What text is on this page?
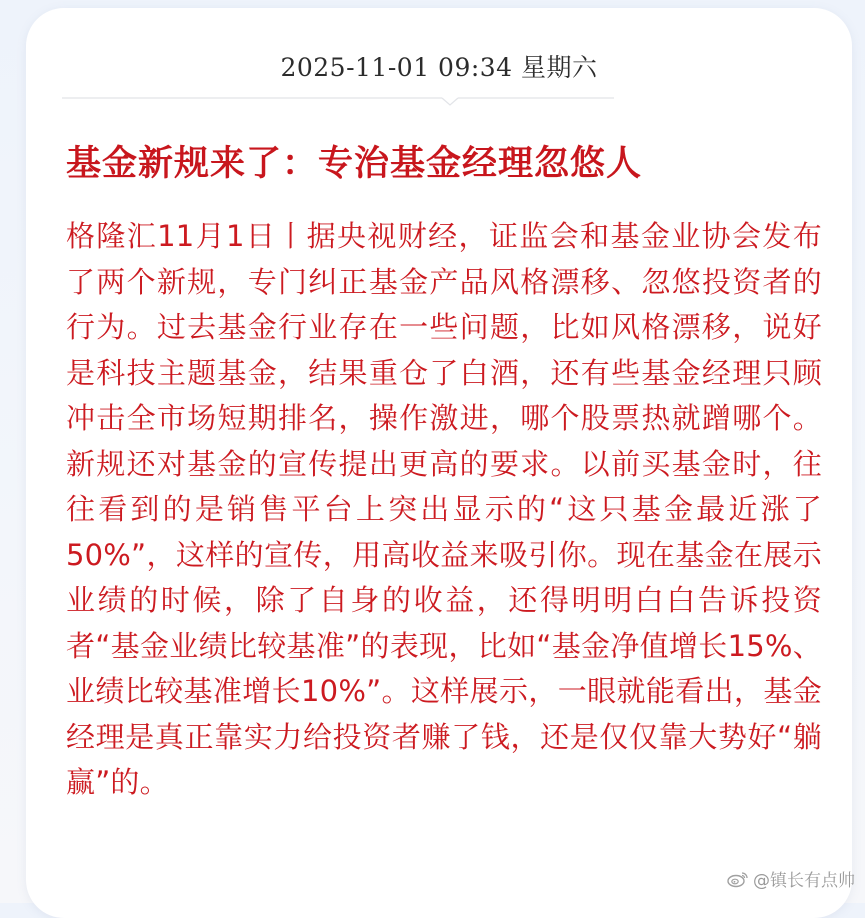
2025-11-01 09:34 星期六
基金新规来了：专治基金经理忽悠人
格隆汇11月1日丨据央视财经，证监会和基金业协会发布了两个新规，专门纠正基金产品风格漂移、忽悠投资者的行为。过去基金行业存在一些问题，比如风格漂移，说好是科技主题基金，结果重仓了白酒，还有些基金经理只顾冲击全市场短期排名，操作激进，哪个股票热就蹭哪个。新规还对基金的宣传提出更高的要求。以前买基金时，往往看到的是销售平台上突出显示的“这只基金最近涨了50%”，这样的宣传，用高收益来吸引你。现在基金在展示业绩的时候，除了自身的收益，还得明明白白告诉投资者“基金业绩比较基准”的表现，比如“基金净值增长15%、业绩比较基准增长10%”。这样展示，一眼就能看出，基金经理是真正靠实力给投资者赚了钱，还是仅仅靠大势好“躺赢”的。
@镇长有点帅
